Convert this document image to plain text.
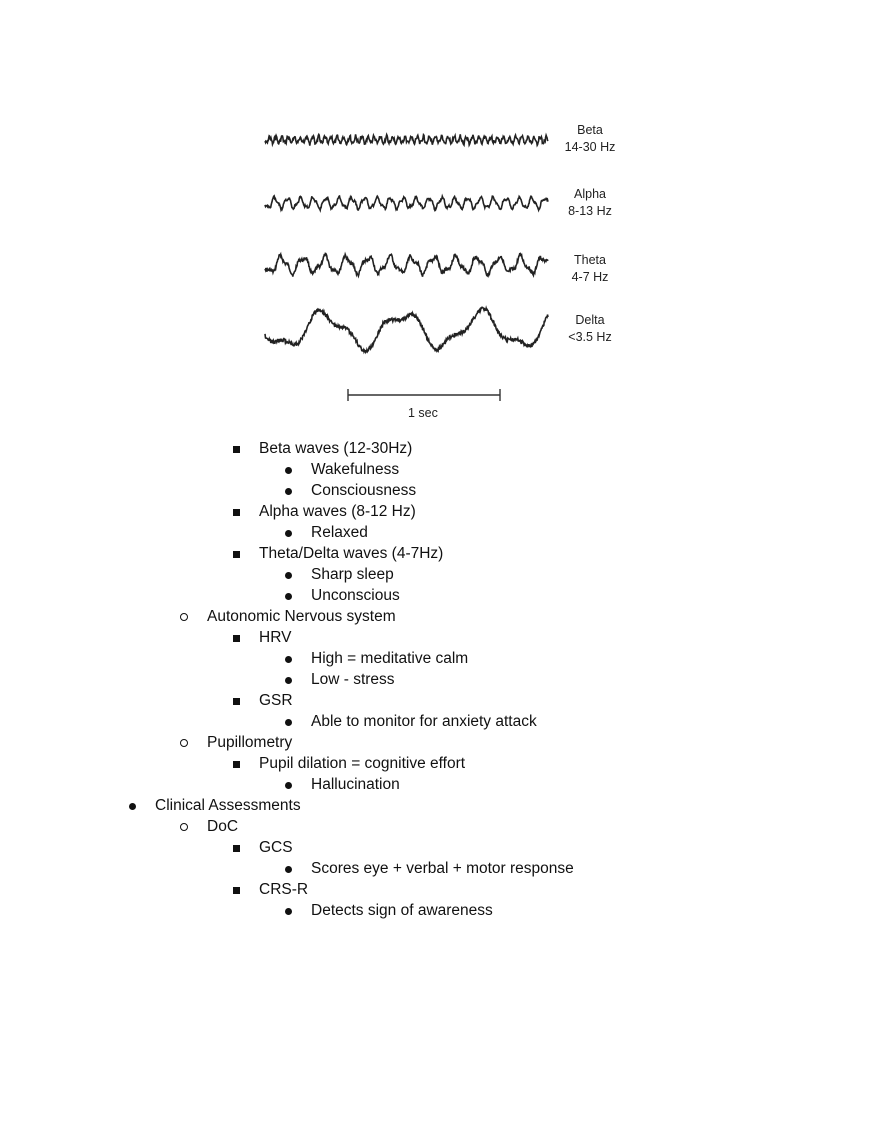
Beta
14-30 Hz
Alpha
8-13 Hz
Theta
4-7 Hz
Delta
<3.5 Hz
1 sec
Beta waves (12-30Hz)
Wakefulness
Consciousness
Alpha waves (8-12 Hz)
Relaxed
Theta/Delta waves (4-7Hz)
Sharp sleep
Unconscious
Autonomic Nervous system
HRV
High = meditative calm
Low - stress
GSR
Able to monitor for anxiety attack
Pupillometry
Pupil dilation = cognitive effort
Hallucination
Clinical Assessments
DoC
GCS
Scores eye + verbal + motor response
CRS-R
Detects sign of awareness
